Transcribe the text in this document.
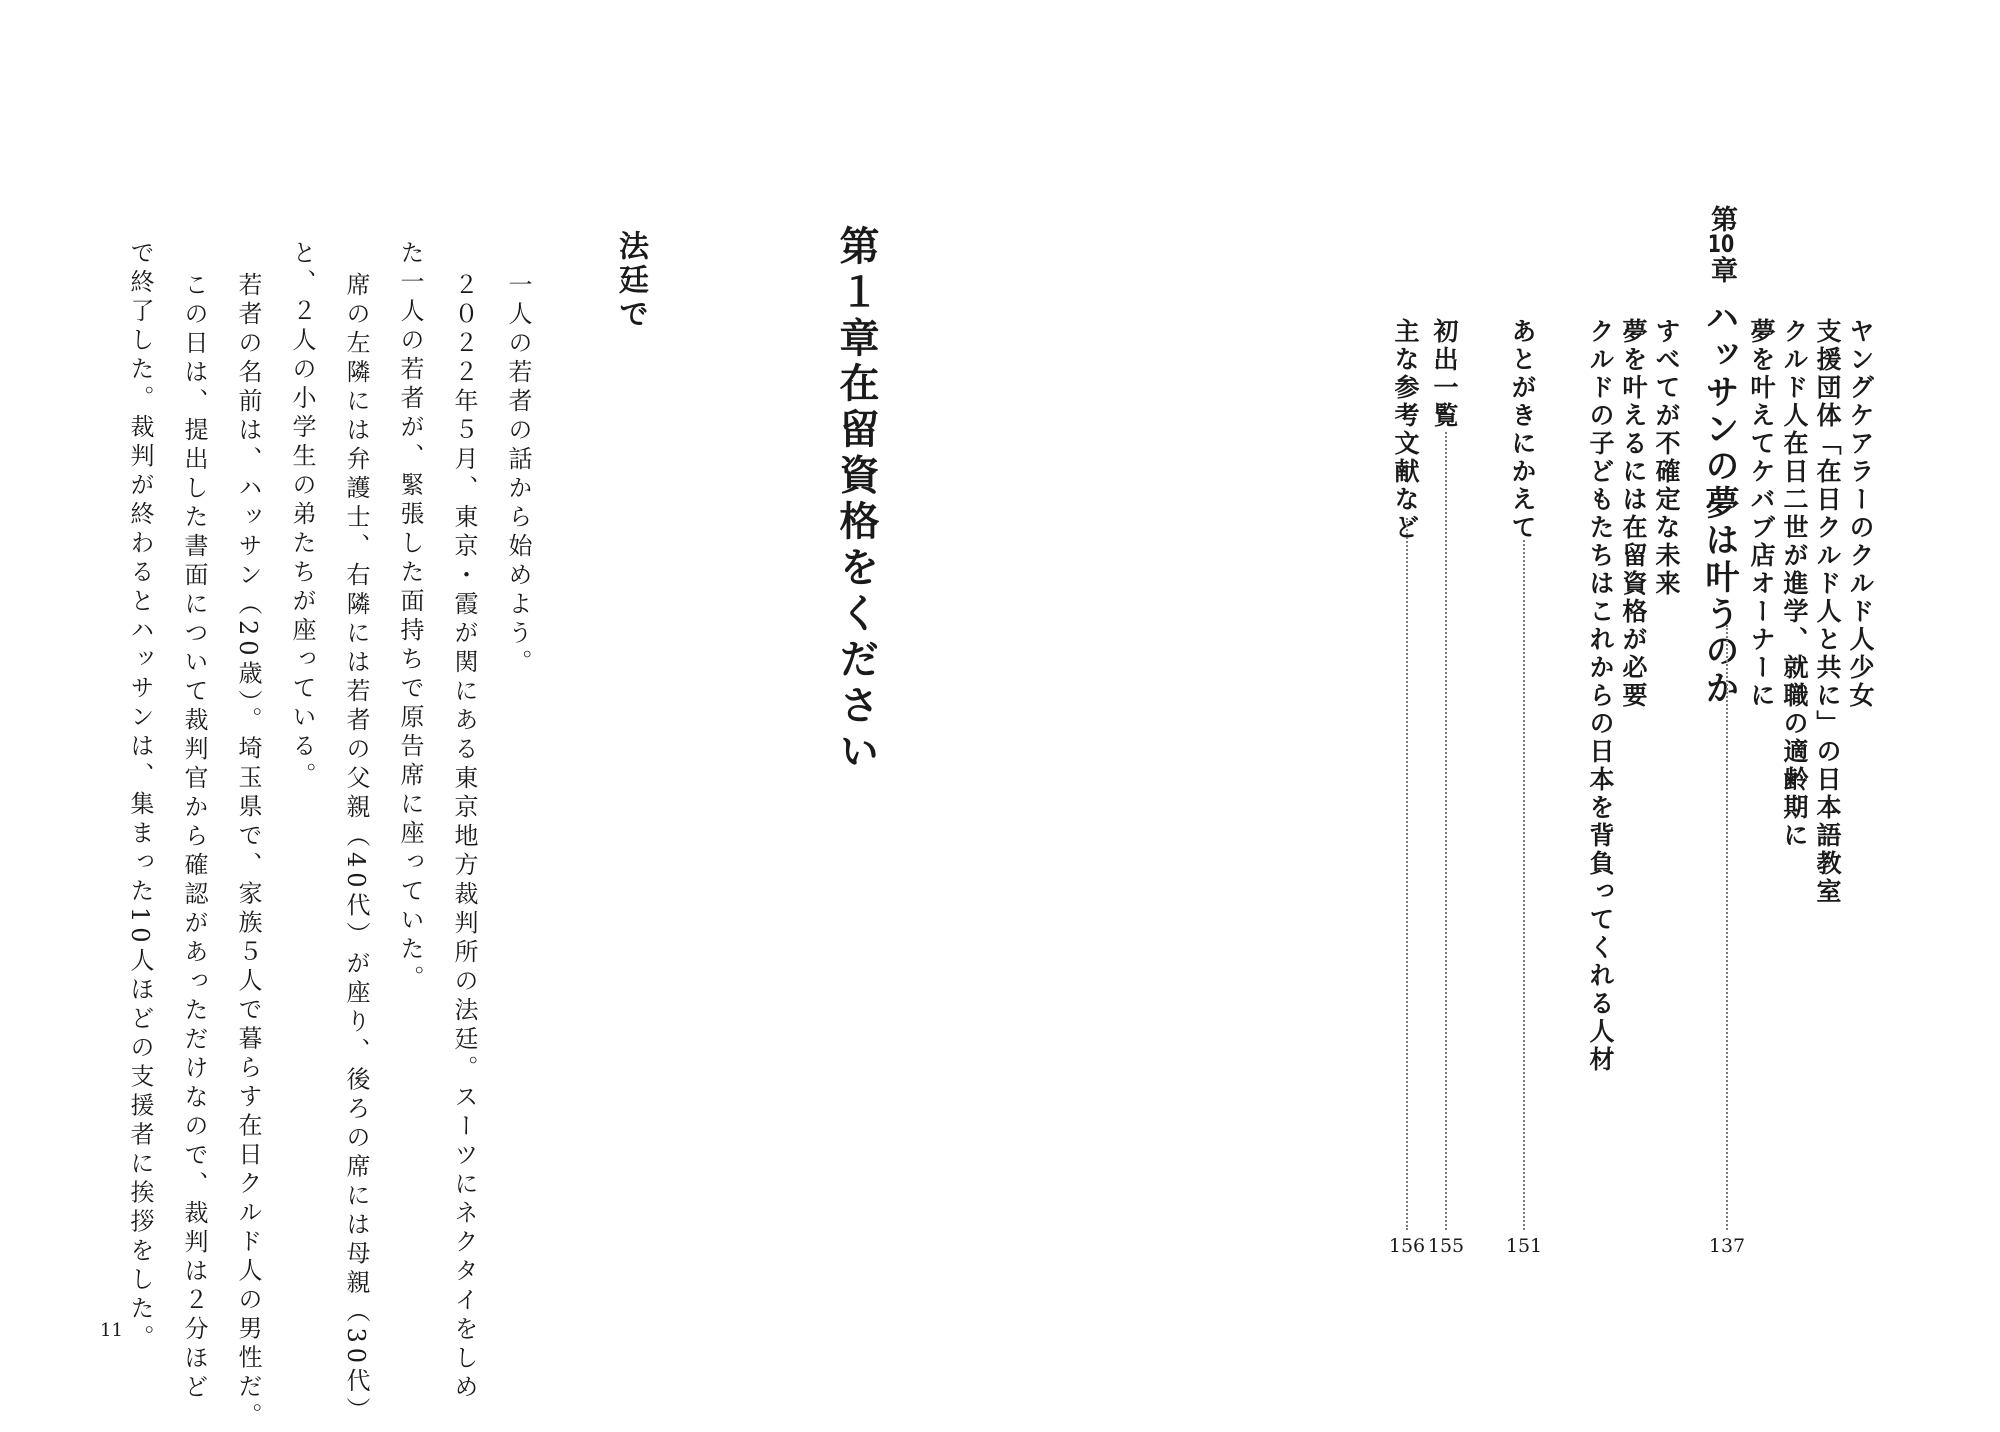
ヤングケアラーのクルド人少女
支援団体「在日クルド人と共に」の日本語教室
クルド人在日二世が進学、就職の適齢期に
夢を叶えてケバブ店オーナーに
第10章
ハッサンの夢は叶うのか
137
すべてが不確定な未来
夢を叶えるには在留資格が必要
クルドの子どもたちはこれからの日本を背負ってくれる人材
あとがきにかえて
151
初出一覧
155
主な参考文献など
156
第１章
在留資格をください
法廷で
一人の若者の話から始めよう。
２０２２年５月、東京・霞が関にある東京地方裁判所の法廷。スーツにネクタイをしめ
た一人の若者が、緊張した面持ちで原告席に座っていた。
席の左隣には弁護士、右隣には若者の父親（40代）が座り、後ろの席には母親（30代）
と、２人の小学生の弟たちが座っている。
若者の名前は、ハッサン（20歳）。埼玉県で、家族５人で暮らす在日クルド人の男性だ。
この日は、提出した書面について裁判官から確認があっただけなので、裁判は２分ほど
で終了した。裁判が終わるとハッサンは、集まった10人ほどの支援者に挨拶をした。
11
